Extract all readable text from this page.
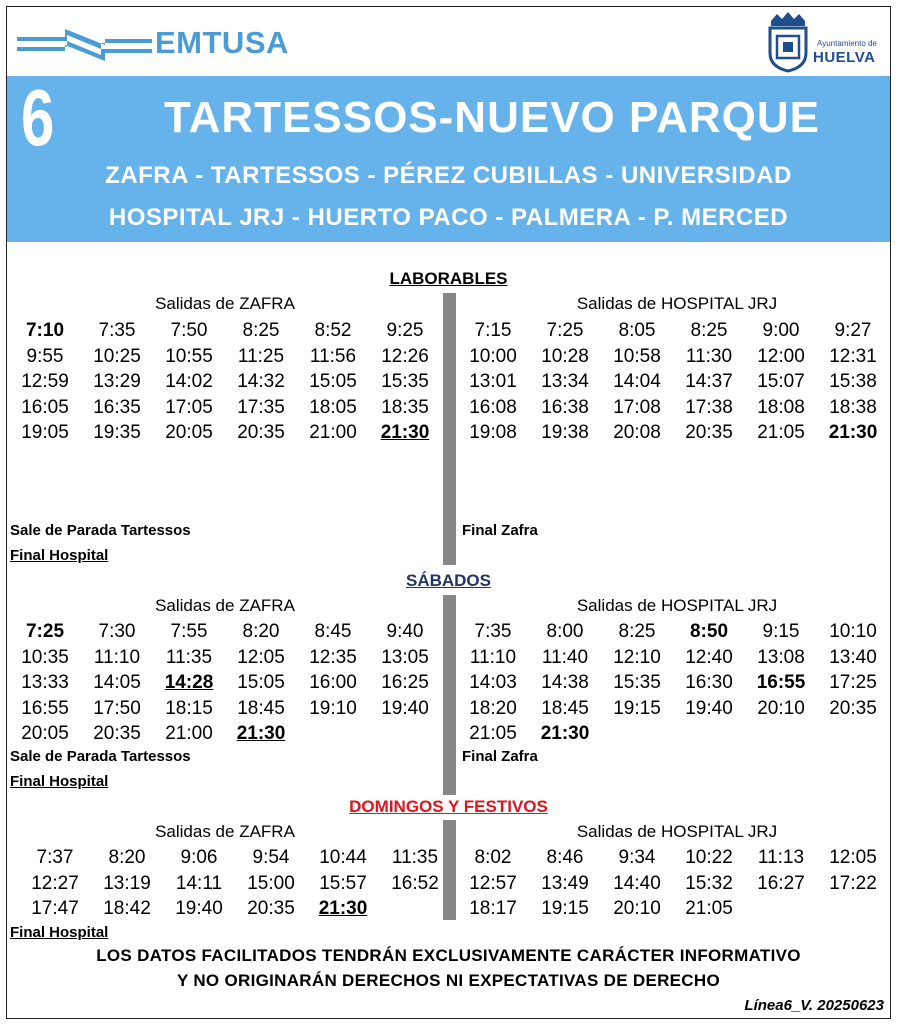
EMTUSA	Ayuntamiento de
HUELVA
6	TARTESSOS-NUEVO PARQUE
ZAFRA - TARTESSOS - PÉREZ CUBILLAS - UNIVERSIDAD
HOSPITAL JRJ - HUERTO PACO - PALMERA - P. MERCED
LABORABLES
Salidas de ZAFRA	Salidas de HOSPITAL JRJ
7:10	7:35	7:50	8:25	8:52	9:25
9:55	10:25	10:55	11:25	11:56	12:26
12:59	13:29	14:02	14:32	15:05	15:35
16:05	16:35	17:05	17:35	18:05	18:35
19:05	19:35	20:05	20:35	21:00	21:30
7:15	7:25	8:05	8:25	9:00	9:27
10:00	10:28	10:58	11:30	12:00	12:31
13:01	13:34	14:04	14:37	15:07	15:38
16:08	16:38	17:08	17:38	18:08	18:38
19:08	19:38	20:08	20:35	21:05	21:30
Sale de Parada Tartessos
Final Hospital
Final Zafra
SÁBADOS
Salidas de ZAFRA	Salidas de HOSPITAL JRJ
7:25	7:30	7:55	8:20	8:45	9:40
10:35	11:10	11:35	12:05	12:35	13:05
13:33	14:05	14:28	15:05	16:00	16:25
16:55	17:50	18:15	18:45	19:10	19:40
20:05	20:35	21:00	21:30
7:35	8:00	8:25	8:50	9:15	10:10
11:10	11:40	12:10	12:40	13:08	13:40
14:03	14:38	15:35	16:30	16:55	17:25
18:20	18:45	19:15	19:40	20:10	20:35
21:05	21:30
Sale de Parada Tartessos
Final Hospital
Final Zafra
DOMINGOS Y FESTIVOS
Salidas de ZAFRA	Salidas de HOSPITAL JRJ
7:37	8:20	9:06	9:54	10:44	11:35
12:27	13:19	14:11	15:00	15:57	16:52
17:47	18:42	19:40	20:35	21:30
8:02	8:46	9:34	10:22	11:13	12:05
12:57	13:49	14:40	15:32	16:27	17:22
18:17	19:15	20:10	21:05
Final Hospital
LOS DATOS FACILITADOS TENDRÁN EXCLUSIVAMENTE CARÁCTER INFORMATIVO
Y NO ORIGINARÁN DERECHOS NI EXPECTATIVAS DE DERECHO
Línea6_V. 20250623
